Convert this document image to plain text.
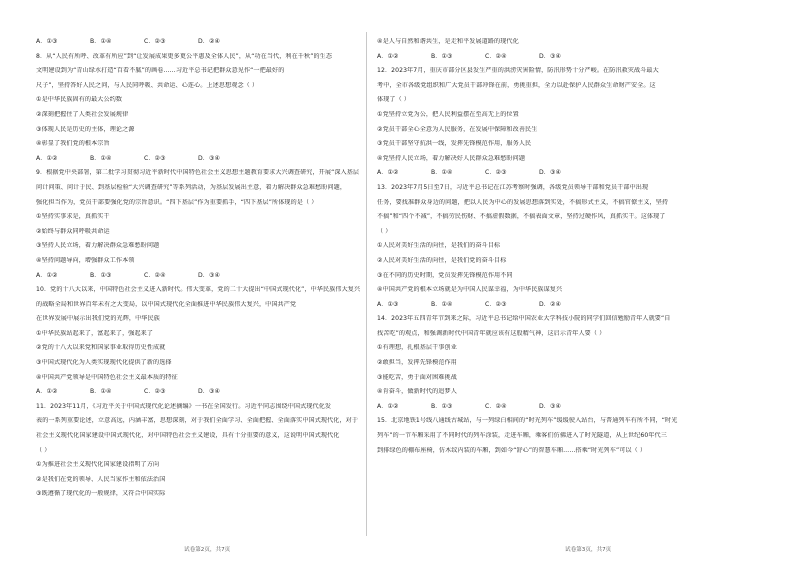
A．①③	B．①④	C．②③	D．②④
8．从“人民有所呼、改革有所应”到“让发展成果更多更公平惠及全体人民”，从“功在当代，利在千秋”的生态
文明建设到为“青山绿水打造“百看不腻”的画卷……习近平总书记把群众意见作“一把最好的
尺子”，坚持答好人民之问，与人民同呼吸、共命运、心连心。上述思想观念（ ）
①是中华民族固有的最大公约数
②深刻把握住了人类社会发展规律
③体现人民是历史的主体，理论之源
④彰显了我们党的根本宗旨
A．①②	B．①④	C．②③	D．③④
9．根据党中央部署，第二批学习贯彻习近平新时代中国特色社会主义思想主题教育要求大兴调查研究，开展“深入基层
问计问策、问计于民、到基层检验“大兴调查研究”等系列活动，为基层发展出主意，着力解决群众急难愁盼问题，
强化担当作为，党员干部要强化党的宗旨意识。“四下基层”作为重要抓手，“四下基层”所体现的是（ ）
①坚持实事求是，真抓实干
②始终与群众同呼吸共命运
③坚持人民立场，着力解决群众急难愁盼问题
④坚持问题导向，增强群众工作本领
A．①②	B．①③	C．②④	D．③④
10．党的十八大以来，中国特色社会主义进入新时代。伟大变革，党的二十大提出“中国式现代化”，中华民族伟大复兴
的战略全局和世界百年未有之大变局，以中国式现代化全面推进中华民族伟大复兴，中国共产党
在世界发展中展示出我们党的光辉，中华民族
①中华民族站起来了，富起来了，强起来了
②党的十八大以来党和国家事业取得历史性成就
③中国式现代化为人类实现现代化提供了新的选择
④中国共产党领导是中国特色社会主义最本质的特征
A．①②	B．①④	C．②③	D．③④
11．2023年11月，《习近平关于中国式现代化论述摘编》一书在全国发行。习近平同志围绕中国式现代化发
表的一系列重要论述，立意高远，内涵丰富，思想深刻，对于我们全面学习、全面把握、全面落实中国式现代化，对于
社会主义现代化国家建设中国式现代化，对中国特色社会主义建设，具有十分重要的意义，这说明中国式现代化
（ ）
①为推进社会主义现代化国家建设指明了方向
②是我们在党的领导、人民当家作主和依法治国
③既遵循了现代化的一般规律，又符合中国实际
④是人与自然和谐共生，是走和平发展道路的现代化
A．①②	B．①③	C．②④	D．③④
12．2023年7月，重庆市部分区县发生严重的洪涝灾害险情，防汛形势十分严峻。在防汛救灾战斗最大
考中，全市各级党组织和广大党员干部冲锋在前，勇挑重担，全力以赴保护人民群众生命财产安全。这
体现了（ ）
①党坚持立党为公，把人民利益摆在至高无上的位置
②党员干部全心全意为人民服务，在发展中保障和改善民生
③党员干部坚守抗洪一线，发挥先锋模范作用，服务人民
④党坚持人民立场，着力解决好人民群众急难愁盼问题
A．①②	B．①④	C．②③	D．③④
13．2023年7月5日至7日，习近平总书记在江苏考察时强调，各级党员领导干部和党员干部中出现
任务，要找准群众身边的问题，把以人民为中心的发展思想落到实处，不搞形式主义，不搞官僚主义，坚持
不搞”和“四个不减”，不搞劳民伤财、不搞虚假数据，不搞表面文章，坚持过硬作风，真抓实干。这体现了
（ ）
①人民对美好生活的向往，是我们的奋斗目标
②人民对美好生活的向往，是我们党的奋斗目标
③在不同的历史时期，党员发挥先锋模范作用不同
④中国共产党的根本立场就是为中国人民谋幸福，为中华民族谋复兴
A．①③	B．①④	C．②③	D．②④
14．2023年五四青年节到来之际，习近平总书记给中国农业大学科技小院的同学们回信勉励青年人就要“自
找苦吃”的观点，和强调新时代中国青年就应该有这股精气神，这启示青年人要（ ）
①有理想，扎根基层干事创业
②敢担当，发挥先锋模范作用
③能吃苦，勇于面对困难挑战
④肯奋斗，做新时代的追梦人
A．①②	B．①③	C．②④	D．③④
15．北京地铁1号线八通线古城站，与一列绿白相间的“时光列车”缓缓驶入站台，与普通列车有所不同，“时光
列车”的一节车厢采用了不同时代的列车涂装，走进车厢，乘客们仿佛进入了时光隧道，从上世纪60年代三
到排绿色的棚布座椅，仿木纹内装的车厢，到如今“舒心”的智慧车厢……搭乘“时光列车”可以（ ）
试卷第2页，共7页	试卷第3页，共7页
